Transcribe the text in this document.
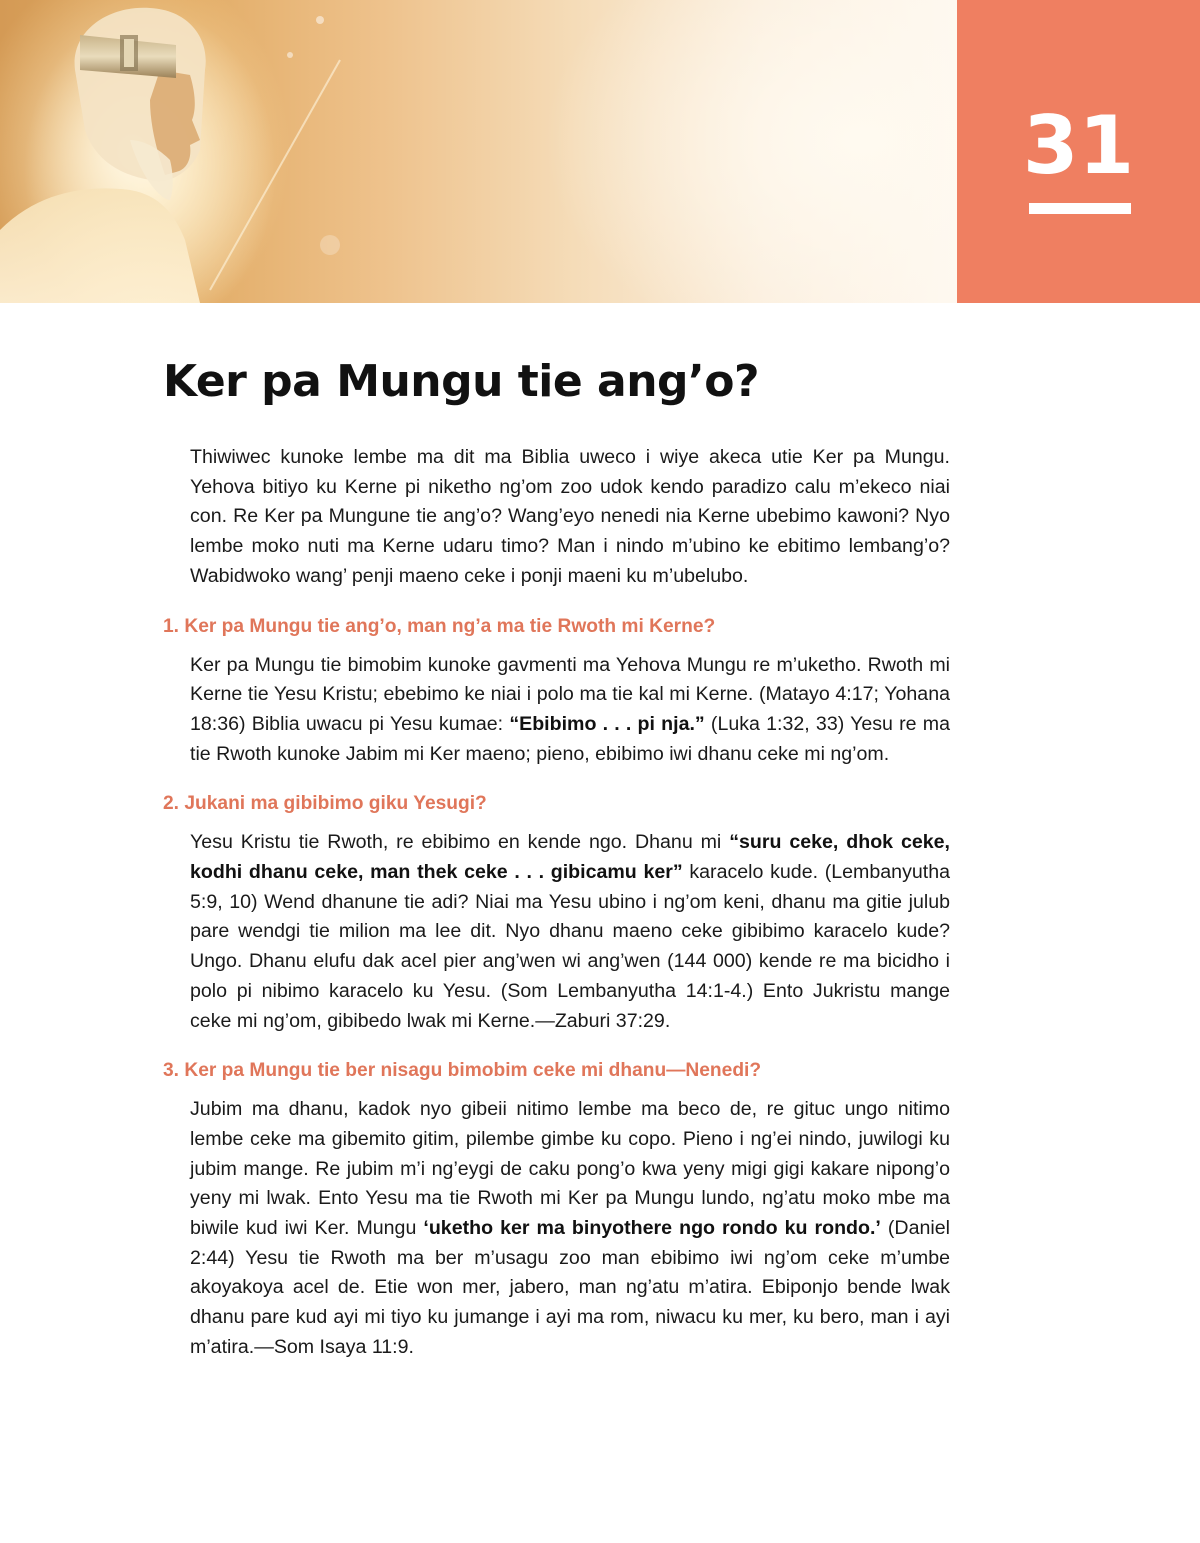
31
Ker pa Mungu tie ang’o?

Thiwiwec kunoke lembe ma dit ma Biblia uweco i wiye akeca utie Ker pa Mungu. Yehova bitiyo ku Kerne pi niketho ng’om zoo udok kendo paradizo calu m’ekeco niai con. Re Ker pa Mungune tie ang’o? Wang’eyo nenedi nia Kerne ubebimo kawoni? Nyo lembe moko nuti ma Kerne udaru timo? Man i nindo m’ubino ke ebitimo lembang’o? Wabidwoko wang’ penji maeno ceke i ponji maeni ku m’ubelubo.

1. Ker pa Mungu tie ang’o, man ng’a ma tie Rwoth mi Kerne?

Ker pa Mungu tie bimobim kunoke gavmenti ma Yehova Mungu re m’uketho. Rwoth mi Kerne tie Yesu Kristu; ebebimo ke niai i polo ma tie kal mi Kerne. (Matayo 4:17; Yohana 18:36) Biblia uwacu pi Yesu kumae: “Ebibimo . . . pi nja.” (Luka 1:32, 33) Yesu re ma tie Rwoth kunoke Jabim mi Ker maeno; pieno, ebibimo iwi dhanu ceke mi ng’om.

2. Jukani ma gibibimo giku Yesugi?

Yesu Kristu tie Rwoth, re ebibimo en kende ngo. Dhanu mi “suru ceke, dhok ceke, kodhi dhanu ceke, man thek ceke . . . gibicamu ker” karacelo kude. (Lembanyutha 5:9, 10) Wend dhanune tie adi? Niai ma Yesu ubino i ng’om keni, dhanu ma gitie julub pare wendgi tie milion ma lee dit. Nyo dhanu maeno ceke gibibimo karacelo kude? Ungo. Dhanu elufu dak acel pier ang’wen wi ang’wen (144 000) kende re ma bicidho i polo pi nibimo karacelo ku Yesu. (Som Lembanyutha 14:1-4.) Ento Jukristu mange ceke mi ng’om, gibibedo lwak mi Kerne.—Zaburi 37:29.

3. Ker pa Mungu tie ber nisagu bimobim ceke mi dhanu—Nenedi?

Jubim ma dhanu, kadok nyo gibeii nitimo lembe ma beco de, re gituc ungo nitimo lembe ceke ma gibemito gitim, pilembe gimbe ku copo. Pieno i ng’ei nindo, juwilogi ku jubim mange. Re jubim m’i ng’eygi de caku pong’o kwa yeny migi gigi kakare nipong’o yeny mi lwak. Ento Yesu ma tie Rwoth mi Ker pa Mungu lundo, ng’atu moko mbe ma biwile kud iwi Ker. Mungu ‘uketho ker ma binyothere ngo rondo ku rondo.’ (Daniel 2:44) Yesu tie Rwoth ma ber m’usagu zoo man ebibimo iwi ng’om ceke m’umbe akoyakoya acel de. Etie won mer, jabero, man ng’atu m’atira. Ebiponjo bende lwak dhanu pare kud ayi mi tiyo ku jumange i ayi ma rom, niwacu ku mer, ku bero, man i ayi m’atira.—Som Isaya 11:9.
